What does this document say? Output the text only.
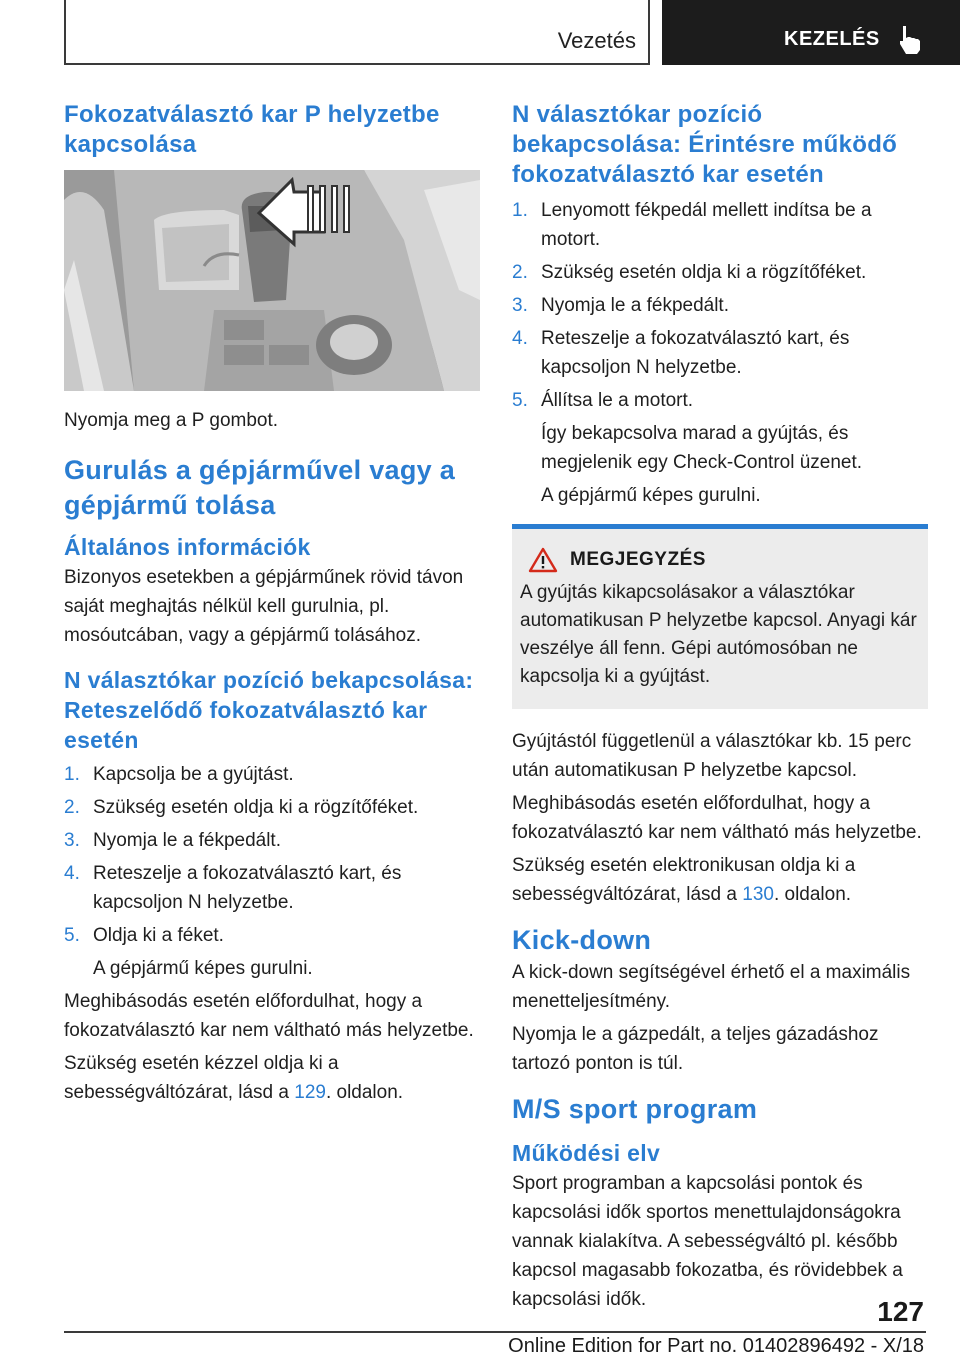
Vezetés	KEZELÉS
Fokozatválasztó kar P helyzetbe kapcsolása

Nyomja meg a P gombot.

Gurulás a gépjárművel vagy a gépjármű tolása
Általános információk

Bizonyos esetekben a gépjárműnek rövid távon saját meghajtás nélkül kell gurulnia, pl. mosóutcában, vagy a gépjármű tolásához.

N választókar pozíció bekapcsolása: Reteszelődő fokozatválasztó kar esetén
1. Kapcsolja be a gyújtást.
2. Szükség esetén oldja ki a rögzítőféket.
3. Nyomja le a fékpedált.
4. Reteszelje a fokozatválasztó kart, és kapcsoljon N helyzetbe.
5. Oldja ki a féket.

A gépjármű képes gurulni.

Meghibásodás esetén előfordulhat, hogy a fokozatválasztó kar nem váltható más helyzetbe.

Szükség esetén kézzel oldja ki a sebességváltózárat, lásd a 129. oldalon.

N választókar pozíció bekapcsolása: Érintésre működő fokozatválasztó kar esetén
1. Lenyomott fékpedál mellett indítsa be a motort.
2. Szükség esetén oldja ki a rögzítőféket.
3. Nyomja le a fékpedált.
4. Reteszelje a fokozatválasztó kart, és kapcsoljon N helyzetbe.
5. Állítsa le a motort.

Így bekapcsolva marad a gyújtás, és megjelenik egy Check-Control üzenet.

A gépjármű képes gurulni.

MEGJEGYZÉS

A gyújtás kikapcsolásakor a választókar automatikusan P helyzetbe kapcsol. Anyagi kár veszélye áll fenn. Gépi autómosóban ne kapcsolja ki a gyújtást.

Gyújtástól függetlenül a választókar kb. 15 perc után automatikusan P helyzetbe kapcsol.

Meghibásodás esetén előfordulhat, hogy a fokozatválasztó kar nem váltható más helyzetbe.

Szükség esetén elektronikusan oldja ki a sebességváltózárat, lásd a 130. oldalon.

Kick-down

A kick-down segítségével érhető el a maximális menetteljesítmény.

Nyomja le a gázpedált, a teljes gázadáshoz tartozó ponton is túl.

M/S sport program
Működési elv

Sport programban a kapcsolási pontok és kapcsolási idők sportos menettulajdonságokra vannak kialakítva. A sebességváltó pl. később kapcsol magasabb fokozatba, és rövidebbek a kapcsolási idők.	127
Online Edition for Part no. 01402896492 - X/18
